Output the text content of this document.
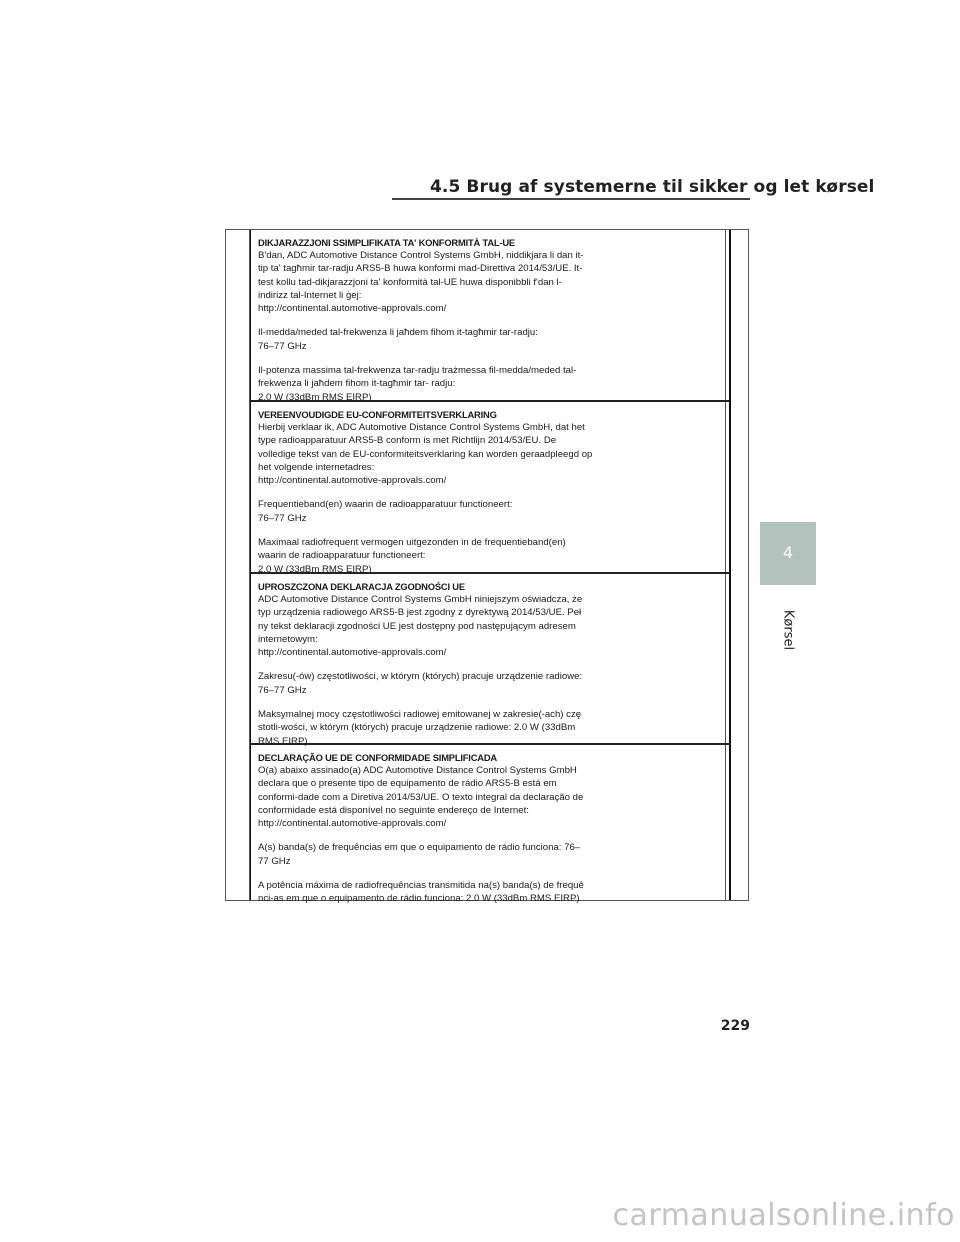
4.5 Brug af systemerne til sikker og let kørsel
DIKJARAZZJONI SSIMPLIFIKATA TA' KONFORMITÀ TAL-UE
B'dan, ADC Automotive Distance Control Systems GmbH, niddikjara li dan it-
tip ta' tagħmir tar-radju ARS5-B huwa konformi mad-Direttiva 2014/53/UE. It-
test kollu tad-dikjarazzjoni ta' konformità tal-UE huwa disponibbli f'dan l-
indirizz tal-Internet li ġej:
http://continental.automotive-approvals.com/
Il-medda/meded tal-frekwenza li jaħdem fihom it-tagħmir tar-radju:
76–77 GHz
Il-potenza massima tal-frekwenza tar-radju trażmessa fil-medda/meded tal-
frekwenza li jaħdem fihom it-tagħmir tar- radju:
2.0 W (33dBm RMS EIRP)
VEREENVOUDIGDE EU-CONFORMITEITSVERKLARING
Hierbij verklaar ik, ADC Automotive Distance Control Systems GmbH, dat het
type radioapparatuur ARS5-B conform is met Richtlijn 2014/53/EU. De
volledige tekst van de EU-conformiteitsverklaring kan worden geraadpleegd op
het volgende internetadres:
http://continental.automotive-approvals.com/
Frequentieband(en) waarin de radioapparatuur functioneert:
76–77 GHz
Maximaal radiofrequent vermogen uitgezonden in de frequentieband(en)
waarin de radioapparatuur functioneert:
2.0 W (33dBm RMS EIRP)
UPROSZCZONA DEKLARACJA ZGODNOŚCI UE
ADC Automotive Distance Control Systems GmbH niniejszym oświadcza, że
typ urządzenia radiowego ARS5-B jest zgodny z dyrektywą 2014/53/UE. Peł
ny tekst deklaracji zgodności UE jest dostępny pod następującym adresem
internetowym:
http://continental.automotive-approvals.com/
Zakresu(-ów) częstotliwości, w którym (których) pracuje urządzenie radiowe:
76–77 GHz
Maksymalnej mocy częstotliwości radiowej emitowanej w zakresie(-ach) czę
stotli-wości, w którym (których) pracuje urządzenie radiowe: 2.0 W (33dBm
RMS EIRP)
DECLARAÇÃO UE DE CONFORMIDADE SIMPLIFICADA
O(a) abaixo assinado(a) ADC Automotive Distance Control Systems GmbH
declara que o presente tipo de equipamento de rádio ARS5-B está em
conformi-dade com a Diretiva 2014/53/UE. O texto integral da declaração de
conformidade está disponível no seguinte endereço de Internet:
http://continental.automotive-approvals.com/
A(s) banda(s) de frequências em que o equipamento de rádio funciona: 76–
77 GHz
A potência máxima de radiofrequências transmitida na(s) banda(s) de frequê
nci-as em que o equipamento de rádio funciona: 2.0 W (33dBm RMS EIRP)
4
Kørsel
229
carmanualsonline.info
